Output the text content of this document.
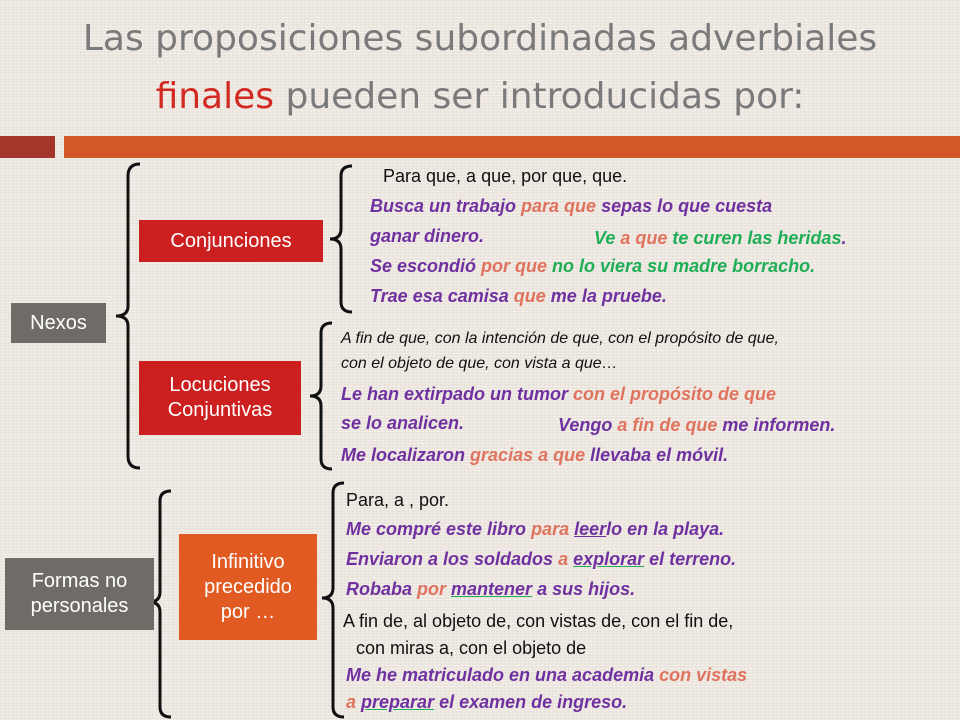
Las proposiciones subordinadas adverbiales
finales pueden ser introducidas por:
Nexos
Formas no
personales
Conjunciones
Locuciones
Conjuntivas
Infinitivo
precedido
por …
Para que, a que, por que, que.
Busca un trabajo para que sepas lo que cuesta
ganar dinero.	Ve a que te curen las heridas.
Se escondió por que no lo viera su madre borracho.
Trae esa camisa que me la pruebe.
A fin de que, con la intención de que, con el propósito de que,
con el objeto de que, con vista a que…
Le han extirpado un tumor con el propósito de que
se lo analicen.	Vengo a fin de que me informen.
Me localizaron gracias a que llevaba el móvil.
Para, a , por.
Me compré este libro para leerlo en la playa.
Enviaron a los soldados a explorar el terreno.
Robaba por mantener a sus hijos.
A fin de, al objeto de, con vistas de, con el fin de,
con miras a, con el objeto de
Me he matriculado en una academia con vistas
a preparar el examen de ingreso.
